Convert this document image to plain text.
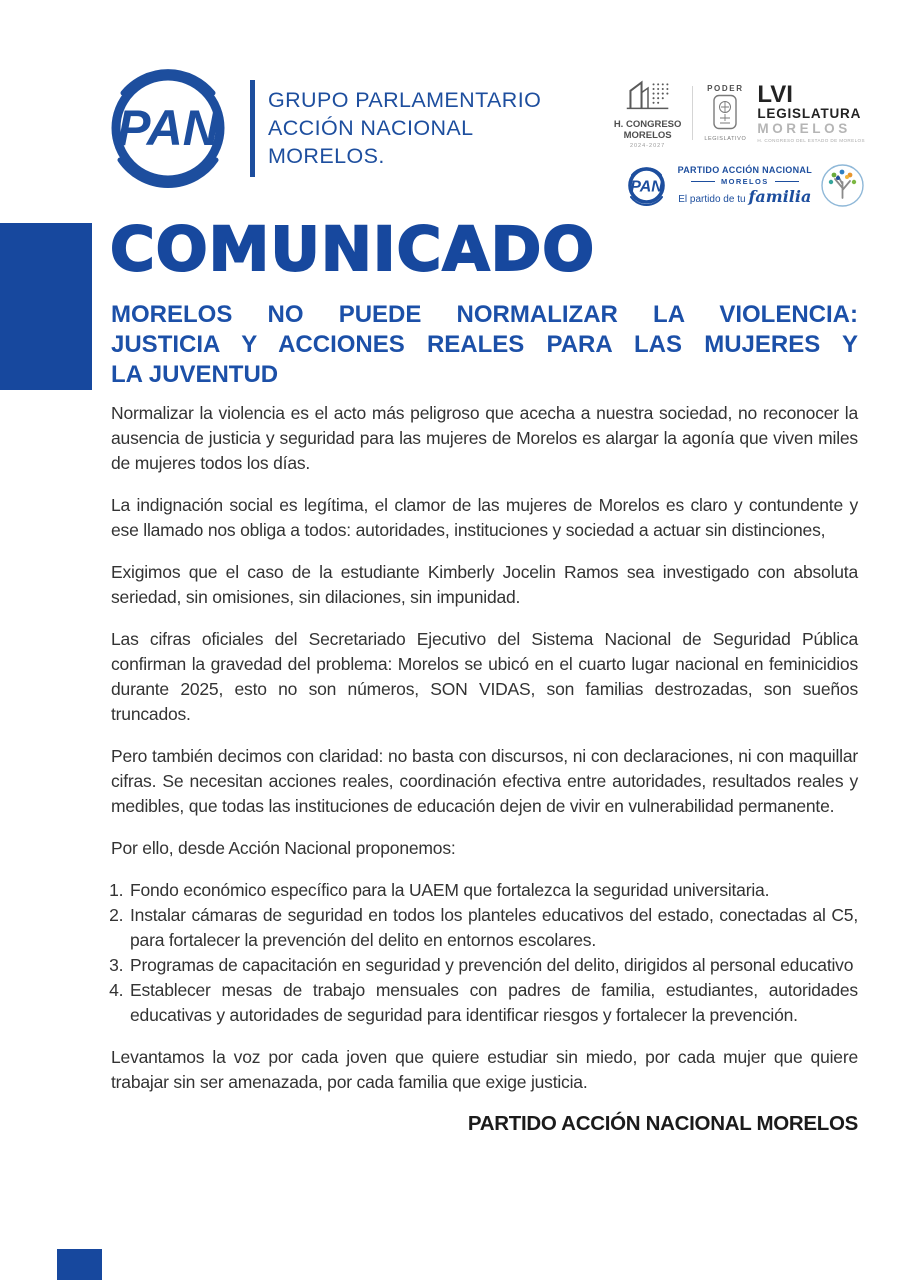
PAN GRUPO PARLAMENTARIO
ACCIÓN NACIONAL
MORELOS.
H. CONGRESO
MORELOS
2024-2027
PODER
LEGISLATIVO
LVI
LEGISLATURA
MORELOS
H. CONGRESO DEL ESTADO DE MORELOS
PAN
PARTIDO ACCIÓN NACIONAL
MORELOS
El partido de tu familia
COMUNICADO
MORELOS NO PUEDE NORMALIZAR LA VIOLENCIA:
JUSTICIA Y ACCIONES REALES PARA LAS MUJERES Y
LA JUVENTUD

Normalizar la violencia es el acto más peligroso que acecha a nuestra sociedad, no reconocer la ausencia de justicia y seguridad para las mujeres de Morelos es alargar la agonía que viven miles de mujeres todos los días.

La indignación social es legítima, el clamor de las mujeres de Morelos es claro y contundente y ese llamado nos obliga a todos: autoridades, instituciones y sociedad a actuar sin distinciones,

Exigimos que el caso de la estudiante Kimberly Jocelin Ramos sea investigado con absoluta seriedad, sin omisiones, sin dilaciones, sin impunidad.

Las cifras oficiales del Secretariado Ejecutivo del Sistema Nacional de Seguridad Pública confirman la gravedad del problema: Morelos se ubicó en el cuarto lugar nacional en feminicidios durante 2025, esto no son números, SON VIDAS, son familias destrozadas, son sueños truncados.

Pero también decimos con claridad: no basta con discursos, ni con declaraciones, ni con maquillar cifras. Se necesitan acciones reales, coordinación efectiva entre autoridades, resultados reales y medibles, que todas las instituciones de educación dejen de vivir en vulnerabilidad permanente.

Por ello, desde Acción Nacional proponemos:

1. Fondo económico específico para la UAEM que fortalezca la seguridad universitaria.
2. Instalar cámaras de seguridad en todos los planteles educativos del estado, conectadas al C5, para fortalecer la prevención del delito en entornos escolares.
3. Programas de capacitación en seguridad y prevención del delito, dirigidos al personal educativo
4. Establecer mesas de trabajo mensuales con padres de familia, estudiantes, autoridades educativas y autoridades de seguridad para identificar riesgos y fortalecer la prevención.

Levantamos la voz por cada joven que quiere estudiar sin miedo, por cada mujer que quiere trabajar sin ser amenazada, por cada familia que exige justicia.

PARTIDO ACCIÓN NACIONAL MORELOS
